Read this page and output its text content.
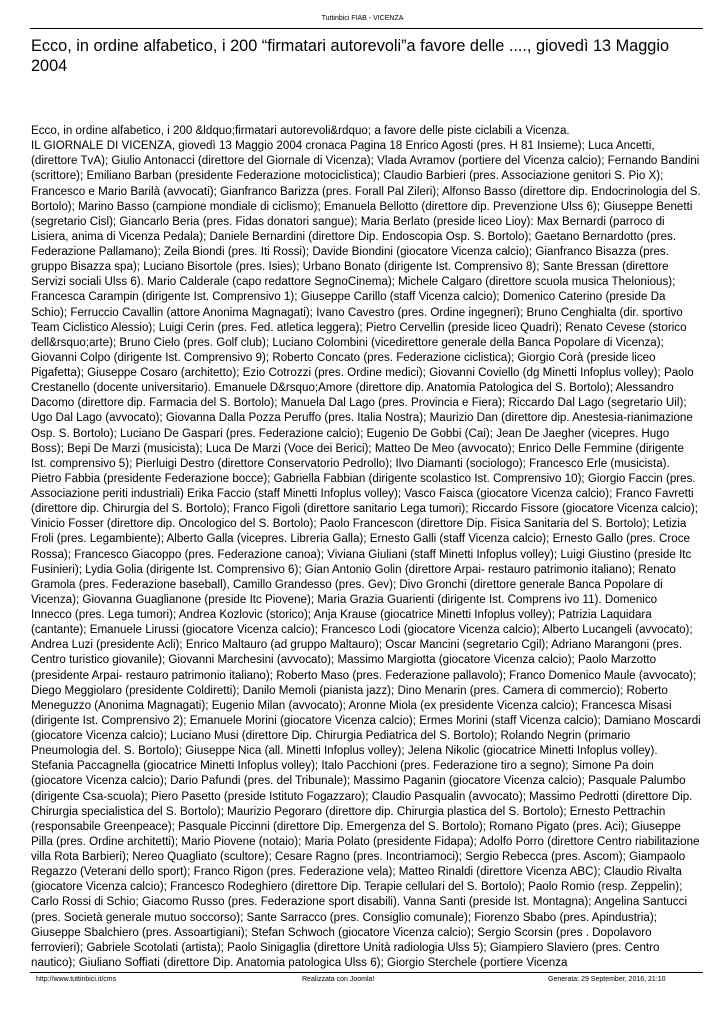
Tuttinbici FIAB - VICENZA
Ecco, in ordine alfabetico, i 200 “firmatari autorevoli”a favore delle ...., giovedì 13 Maggio 2004

Ecco, in ordine alfabetico, i 200 &ldquo;firmatari autorevoli&rdquo; a favore delle piste ciclabili a Vicenza.

IL GIORNALE DI VICENZA, giovedì 13 Maggio 2004 cronaca Pagina 18 Enrico Agosti (pres. H 81 Insieme); Luca Ancetti, (direttore TvA); Giulio Antonacci (direttore del Giornale di Vicenza); Vlada Avramov (portiere del Vicenza calcio); Fernando Bandini (scrittore); Emiliano Barban (presidente Federazione motociclistica); Claudio Barbieri (pres. Associazione genitori S. Pio X); Francesco e Mario Barilà (avvocati); Gianfranco Barizza (pres. Forall Pal Zileri); Alfonso Basso (direttore dip. Endocrinologia del S. Bortolo); Marino Basso (campione mondiale di ciclismo); Emanuela Bellotto (direttore dip. Prevenzione Ulss 6); Giuseppe Benetti (segretario Cisl); Giancarlo Beria (pres. Fidas donatori sangue); Maria Berlato (preside liceo Lioy): Max Bernardi (parroco di Lisiera, anima di Vicenza Pedala); Daniele Bernardini (direttore Dip. Endoscopia Osp. S. Bortolo); Gaetano Bernardotto (pres. Federazione Pallamano); Zeila Biondi (pres. Iti Rossi); Davide Biondini (giocatore Vicenza calcio); Gianfranco Bisazza (pres. gruppo Bisazza spa); Luciano Bisortole (pres. Isies); Urbano Bonato (dirigente Ist. Comprensivo 8); Sante Bressan (direttore Servizi sociali Ulss 6). Mario Calderale (capo redattore SegnoCinema); Michele Calgaro (direttore scuola musica Thelonious); Francesca Carampin (dirigente Ist. Comprensivo 1); Giuseppe Carillo (staff Vicenza calcio); Domenico Caterino (preside Da Schio); Ferruccio Cavallin (attore Anonima Magnagati); Ivano Cavestro (pres. Ordine ingegneri); Bruno Cenghialta (dir. sportivo Team Ciclistico Alessio); Luigi Cerin (pres. Fed. atletica leggera); Pietro Cervellin (preside liceo Quadri); Renato Cevese (storico dell&rsquo;arte); Bruno Cielo (pres. Golf club); Luciano Colombini (vicedirettore generale della Banca Popolare di Vicenza); Giovanni Colpo (dirigente Ist. Comprensivo 9); Roberto Concato (pres. Federazione ciclistica); Giorgio Corà (preside liceo Pigafetta); Giuseppe Cosaro (architetto); Ezio Cotrozzi (pres. Ordine medici); Giovanni Coviello (dg Minetti Infoplus volley); Paolo Crestanello (docente universitario). Emanuele D&rsquo;Amore (direttore dip. Anatomia Patologica del S. Bortolo); Alessandro Dacomo (direttore dip. Farmacia del S. Bortolo); Manuela Dal Lago (pres. Provincia e Fiera); Riccardo Dal Lago (segretario Uil); Ugo Dal Lago (avvocato); Giovanna Dalla Pozza Peruffo (pres. Italia Nostra); Maurizio Dan (direttore dip. Anestesia-rianimazione Osp. S. Bortolo); Luciano De Gaspari (pres. Federazione calcio); Eugenio De Gobbi (Cai); Jean De Jaegher (vicepres. Hugo Boss); Bepi De Marzi (musicista); Luca De Marzi (Voce dei Berici); Matteo De Meo (avvocato); Enrico Delle Femmine (dirigente Ist. comprensivo 5); Pierluigi Destro (direttore Conservatorio Pedrollo); Ilvo Diamanti (sociologo); Francesco Erle (musicista). Pietro Fabbia (presidente Federazione bocce); Gabriella Fabbian (dirigente scolastico Ist. Comprensivo 10); Giorgio Faccin (pres. Associazione periti industriali) Erika Faccio (staff Minetti Infoplus volley); Vasco Faisca (giocatore Vicenza calcio); Franco Favretti (direttore dip. Chirurgia del S. Bortolo); Franco Figoli (direttore sanitario Lega tumori); Riccardo Fissore (giocatore Vicenza calcio); Vinicio Fosser (direttore dip. Oncologico del S. Bortolo); Paolo Francescon (direttore Dip. Fisica Sanitaria del S. Bortolo); Letizia Froli (pres. Legambiente); Alberto Galla (vicepres. Libreria Galla); Ernesto Galli (staff Vicenza calcio); Ernesto Gallo (pres. Croce Rossa); Francesco Giacoppo (pres. Federazione canoa); Viviana Giuliani (staff Minetti Infoplus volley); Luigi Giustino (preside Itc Fusinieri); Lydia Golia (dirigente Ist. Comprensivo 6); Gian Antonio Golin (direttore Arpai- restauro patrimonio italiano); Renato Gramola (pres. Federazione baseball), Camillo Grandesso (pres. Gev); Divo Gronchi (direttore generale Banca Popolare di Vicenza); Giovanna Guaglianone (preside Itc Piovene); Maria Grazia Guarienti (dirigente Ist. Comprens ivo 11). Domenico Innecco (pres. Lega tumori); Andrea Kozlovic (storico); Anja Krause (giocatrice Minetti Infoplus volley); Patrizia Laquidara (cantante); Emanuele Lirussi (giocatore Vicenza calcio); Francesco Lodi (giocatore Vicenza calcio); Alberto Lucangeli (avvocato); Andrea Luzi (presidente Acli); Enrico Maltauro (ad gruppo Maltauro); Oscar Mancini (segretario Cgil); Adriano Marangoni (pres. Centro turistico giovanile); Giovanni Marchesini (avvocato); Massimo Margiotta (giocatore Vicenza calcio); Paolo Marzotto (presidente Arpai- restauro patrimonio italiano); Roberto Maso (pres. Federazione pallavolo); Franco Domenico Maule (avvocato); Diego Meggiolaro (presidente Coldiretti); Danilo Memoli (pianista jazz); Dino Menarin (pres. Camera di commercio); Roberto Meneguzzo (Anonima Magnagati); Eugenio Milan (avvocato); Aronne Miola (ex presidente Vicenza calcio); Francesca Misasi (dirigente Ist. Comprensivo 2); Emanuele Morini (giocatore Vicenza calcio); Ermes Morini (staff Vicenza calcio); Damiano Moscardi (giocatore Vicenza calcio); Luciano Musi (direttore Dip. Chirurgia Pediatrica del S. Bortolo); Rolando Negrin (primario Pneumologia del. S. Bortolo); Giuseppe Nica (all. Minetti Infoplus volley); Jelena Nikolic (giocatrice Minetti Infoplus volley). Stefania Paccagnella (giocatrice Minetti Infoplus volley); Italo Pacchioni (pres. Federazione tiro a segno); Simone Pa doin (giocatore Vicenza calcio); Dario Pafundi (pres. del Tribunale); Massimo Paganin (giocatore Vicenza calcio); Pasquale Palumbo (dirigente Csa-scuola); Piero Pasetto (preside Istituto Fogazzaro); Claudio Pasqualin (avvocato); Massimo Pedrotti (direttore Dip. Chirurgia specialistica del S. Bortolo); Maurizio Pegoraro (direttore dip. Chirurgia plastica del S. Bortolo); Ernesto Pettrachin (responsabile Greenpeace); Pasquale Piccinni (direttore Dip. Emergenza del S. Bortolo); Romano Pigato (pres. Aci); Giuseppe Pilla (pres. Ordine architetti); Mario Piovene (notaio); Maria Polato (presidente Fidapa); Adolfo Porro (direttore Centro riabilitazione villa Rota Barbieri); Nereo Quagliato (scultore); Cesare Ragno (pres. Incontriamoci); Sergio Rebecca (pres. Ascom); Giampaolo Regazzo (Veterani dello sport); Franco Rigon (pres. Federazione vela); Matteo Rinaldi (direttore Vicenza ABC); Claudio Rivalta (giocatore Vicenza calcio); Francesco Rodeghiero (direttore Dip. Terapie cellulari del S. Bortolo); Paolo Romio (resp. Zeppelin); Carlo Rossi di Schio; Giacomo Russo (pres. Federazione sport disabili). Vanna Santi (preside Ist. Montagna); Angelina Santucci (pres. Società generale mutuo soccorso); Sante Sarracco (pres. Consiglio comunale); Fiorenzo Sbabo (pres. Apindustria); Giuseppe Sbalchiero (pres. Assoartigiani); Stefan Schwoch (giocatore Vicenza calcio); Sergio Scorsin (pres . Dopolavoro ferrovieri); Gabriele Scotolati (artista); Paolo Sinigaglia (direttore Unità radiologia Ulss 5); Giampiero Slaviero (pres. Centro nautico); Giuliano Soffiati (direttore Dip. Anatomia patologica Ulss 6); Giorgio Sterchele (portiere Vicenza

http://www.tuttinbici.it/cms	Realizzata con Joomla!	Generata: 29 September, 2016, 21:10
